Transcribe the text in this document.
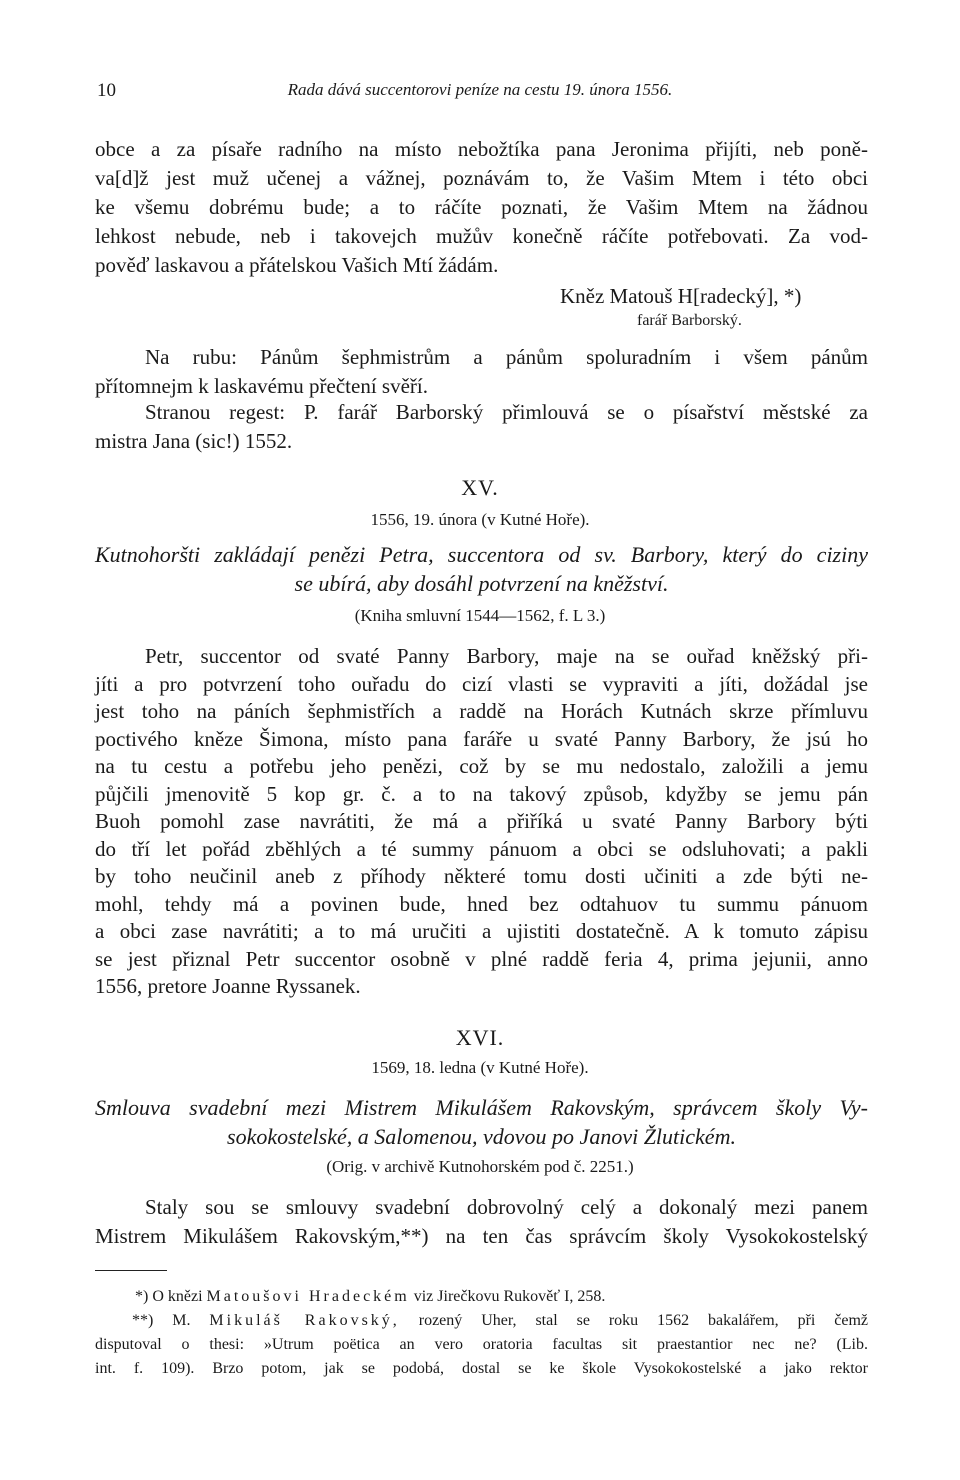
10	Rada dává succentorovi peníze na cestu 19. února 1556.
obce a za písaře radního na místo nebožtíka pana Jeronima přijíti, neb poně-
va[d]ž jest muž učenej a vážnej, poznávám to, že Vašim Mtem i této obci
ke všemu dobrému bude; a to ráčíte poznati, že Vašim Mtem na žádnou
lehkost nebude, neb i takovejch mužův konečně ráčíte potřebovati. Za vod-
pověď laskavou a přátelskou Vašich Mtí žádám.
Kněz Matouš H[radecký], *)
farář Barborský.
Na rubu: Pánům šephmistrům a pánům spoluradním i všem pánům
přítomnejm k laskavému přečtení svěří.
Stranou regest: P. farář Barborský přimlouvá se o písařství městské za
mistra Jana (sic!) 1552.
XV.
1556, 19. února (v Kutné Hoře).
Kutnohoršti zakládají penězi Petra, succentora od sv. Barbory, který do ciziny
se ubírá, aby dosáhl potvrzení na kněžství.
(Kniha smluvní 1544—1562, f. L 3.)
Petr, succentor od svaté Panny Barbory, maje na se ouřad kněžský při-
jíti a pro potvrzení toho ouřadu do cizí vlasti se vypraviti a jíti, dožádal jse
jest toho na páních šephmistřích a raddě na Horách Kutnách skrze přímluvu
poctivého kněze Šimona, místo pana faráře u svaté Panny Barbory, že jsú ho
na tu cestu a potřebu jeho penězi, což by se mu nedostalo, založili a jemu
půjčili jmenovitě 5 kop gr. č. a to na takový způsob, kdyžby se jemu pán
Buoh pomohl zase navrátiti, že má a přiříká u svaté Panny Barbory býti
do tří let pořád zběhlých a té summy pánuom a obci se odsluhovati; a pakli
by toho neučinil aneb z příhody některé tomu dosti učiniti a zde býti ne-
mohl, tehdy má a povinen bude, hned bez odtahuov tu summu pánuom
a obci zase navrátiti; a to má uručiti a ujistiti dostatečně. A k tomuto zápisu
se jest přiznal Petr succentor osobně v plné raddě feria 4, prima jejunii, anno
1556, pretore Joanne Ryssanek.
XVI.
1569, 18. ledna (v Kutné Hoře).
Smlouva svadební mezi Mistrem Mikulášem Rakovským, správcem školy Vy-
sokokostelské, a Salomenou, vdovou po Janovi Žlutickém.
(Orig. v archivě Kutnohorském pod č. 2251.)
Staly sou se smlouvy svadební dobrovolný celý a dokonalý mezi panem
Mistrem Mikulášem Rakovským,**) na ten čas správcím školy Vysokokostelský
*) O knězi Matoušovi Hradeckém viz Jirečkovu Rukověť I, 258.
**) M. Mikuláš Rakovský, rozený Uher, stal se roku 1562 bakalářem, při čemž
disputoval o thesi: »Utrum poëtica an vero oratoria facultas sit praestantior nec ne? (Lib.
int. f. 109). Brzo potom, jak se podobá, dostal se ke škole Vysokokostelské a jako rektor
